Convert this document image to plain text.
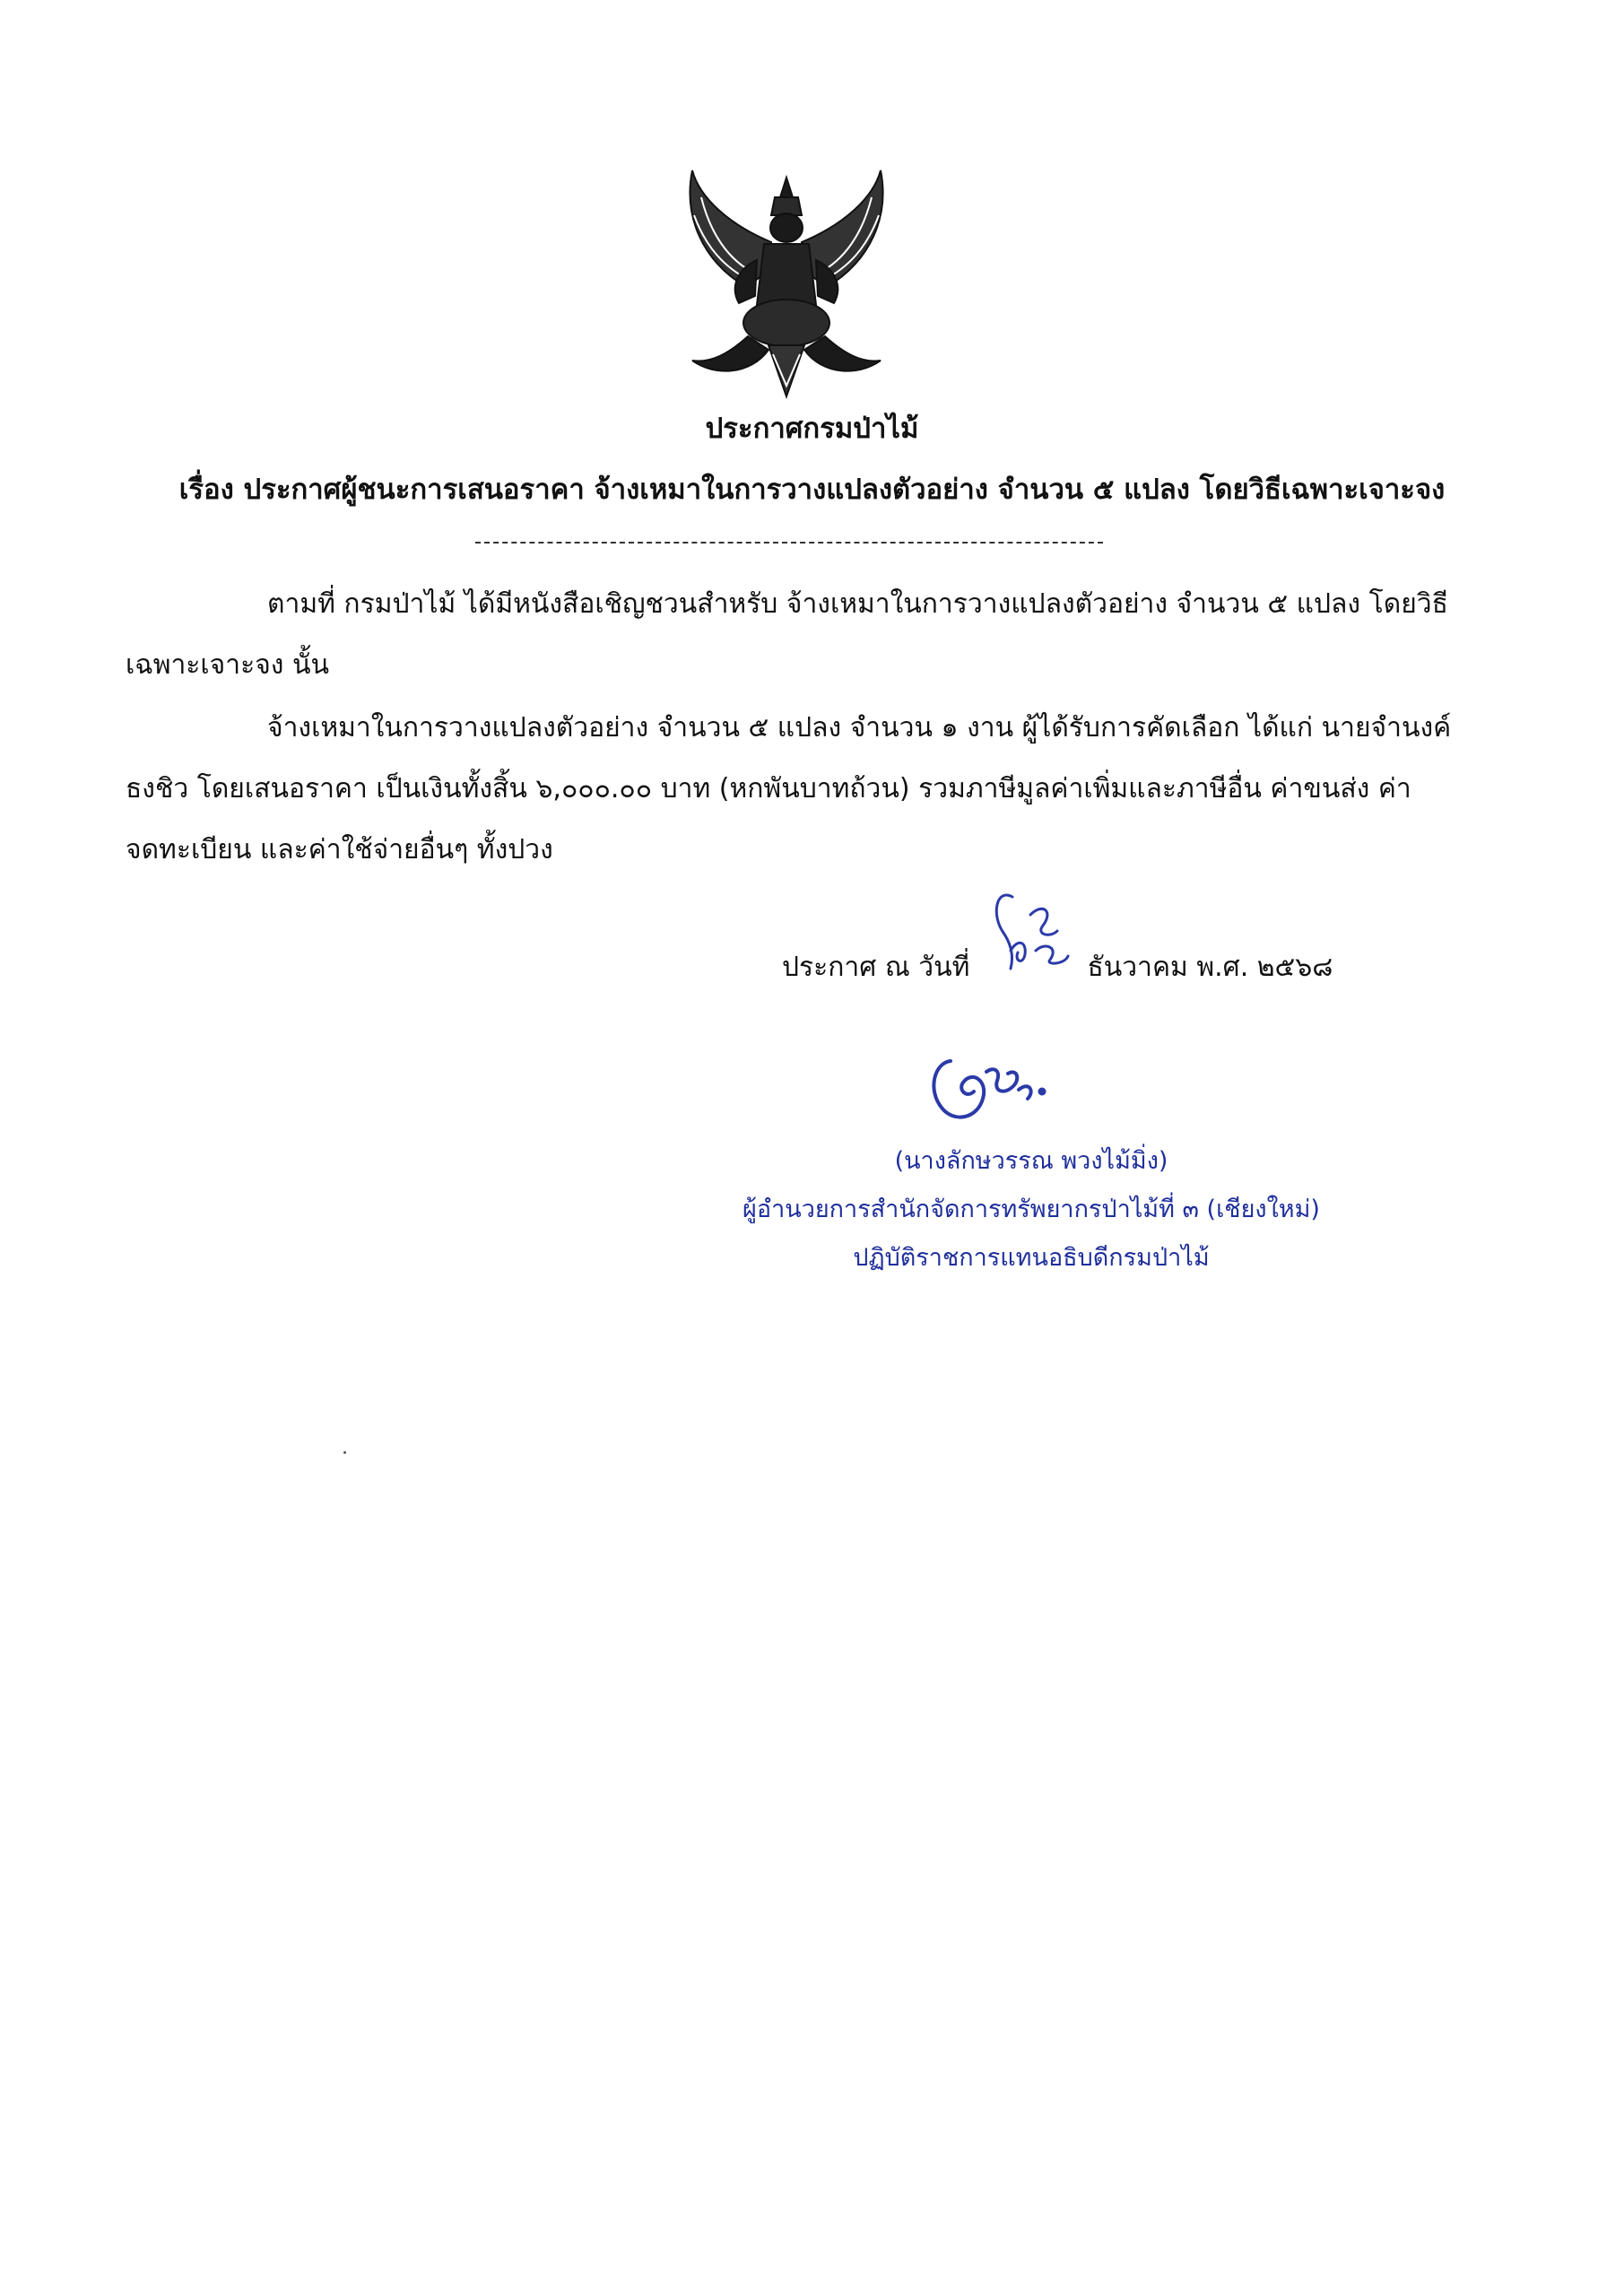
ประกาศกรมป่าไม้
เรื่อง ประกาศผู้ชนะการเสนอราคา จ้างเหมาในการวางแปลงตัวอย่าง จำนวน ๕ แปลง โดยวิธีเฉพาะเจาะจง
ตามที่ กรมป่าไม้ ได้มีหนังสือเชิญชวนสำหรับ จ้างเหมาในการวางแปลงตัวอย่าง จำนวน ๕ แปลง โดยวิธี
เฉพาะเจาะจง นั้น
จ้างเหมาในการวางแปลงตัวอย่าง จำนวน ๕ แปลง จำนวน ๑ งาน ผู้ได้รับการคัดเลือก ได้แก่ นายจำนงค์
ธงชิว โดยเสนอราคา เป็นเงินทั้งสิ้น ๖,๐๐๐.๐๐ บาท (หกพันบาทถ้วน) รวมภาษีมูลค่าเพิ่มและภาษีอื่น ค่าขนส่ง ค่า
จดทะเบียน และค่าใช้จ่ายอื่นๆ ทั้งปวง
ประกาศ ณ วันที่	ธันวาคม พ.ศ. ๒๕๖๘
(นางลักษวรรณ พวงไม้มิ่ง)
ผู้อำนวยการสำนักจัดการทรัพยากรป่าไม้ที่ ๓ (เชียงใหม่)
ปฏิบัติราชการแทนอธิบดีกรมป่าไม้
